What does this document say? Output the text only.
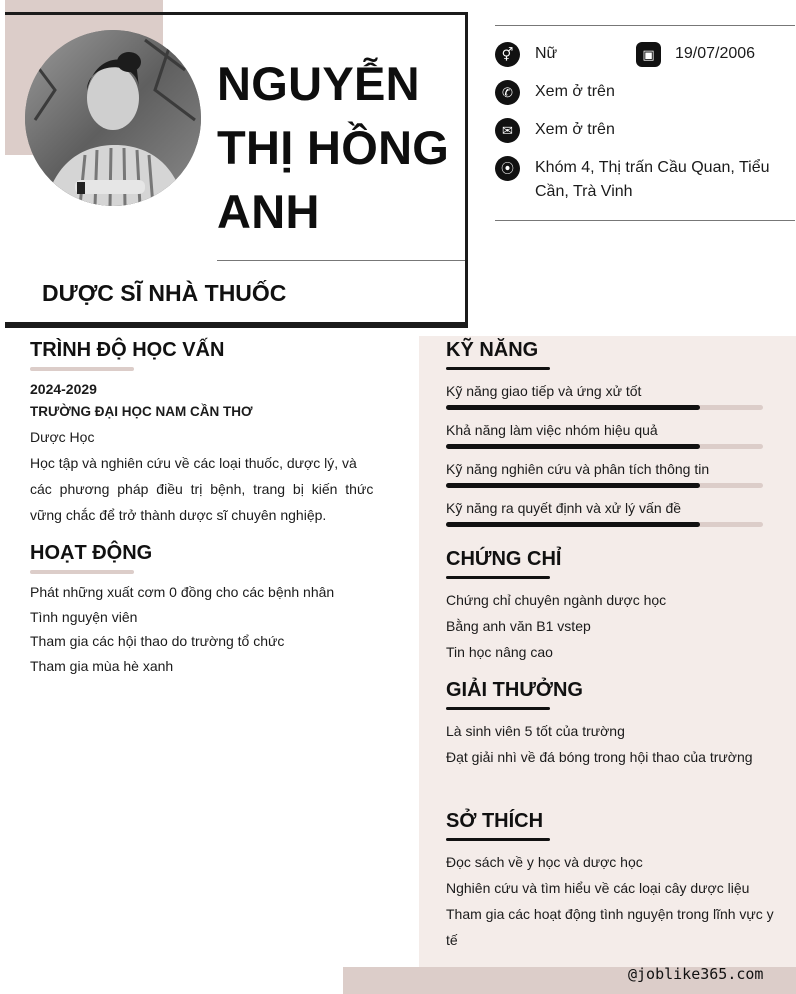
NGUYỄN
THỊ HỒNG
ANH
DƯỢC SĨ NHÀ THUỐC
⚥	Nữ	▣	19/07/2006
✆	Xem ở trên
✉	Xem ở trên
⦿	Khóm 4, Thị trấn Cầu Quan, Tiểu
Cần, Trà Vinh
@joblike365.com
TRÌNH ĐỘ HỌC VẤN
2024-2029
TRƯỜNG ĐẠI HỌC NAM CẦN THƠ
Dược Học
Học tập và nghiên cứu về các loại thuốc, dược lý, và
các phương pháp điều trị bệnh, trang bị kiến thức
vững chắc để trở thành dược sĩ chuyên nghiệp.
HOẠT ĐỘNG
Phát những xuất cơm 0 đồng cho các bệnh nhân
Tình nguyện viên
Tham gia các hội thao do trường tổ chức
Tham gia mùa hè xanh
KỸ NĂNG
Kỹ năng giao tiếp và ứng xử tốt
Khả năng làm việc nhóm hiệu quả
Kỹ năng nghiên cứu và phân tích thông tin
Kỹ năng ra quyết định và xử lý vấn đề
CHỨNG CHỈ
Chứng chỉ chuyên ngành dược học
Bằng anh văn B1 vstep
Tin học nâng cao
GIẢI THƯỞNG
Là sinh viên 5 tốt của trường
Đạt giải nhì về đá bóng trong hội thao của trường
SỞ THÍCH
Đọc sách về y học và dược học
Nghiên cứu và tìm hiểu về các loại cây dược liệu
Tham gia các hoạt động tình nguyện trong lĩnh vực y
tế
